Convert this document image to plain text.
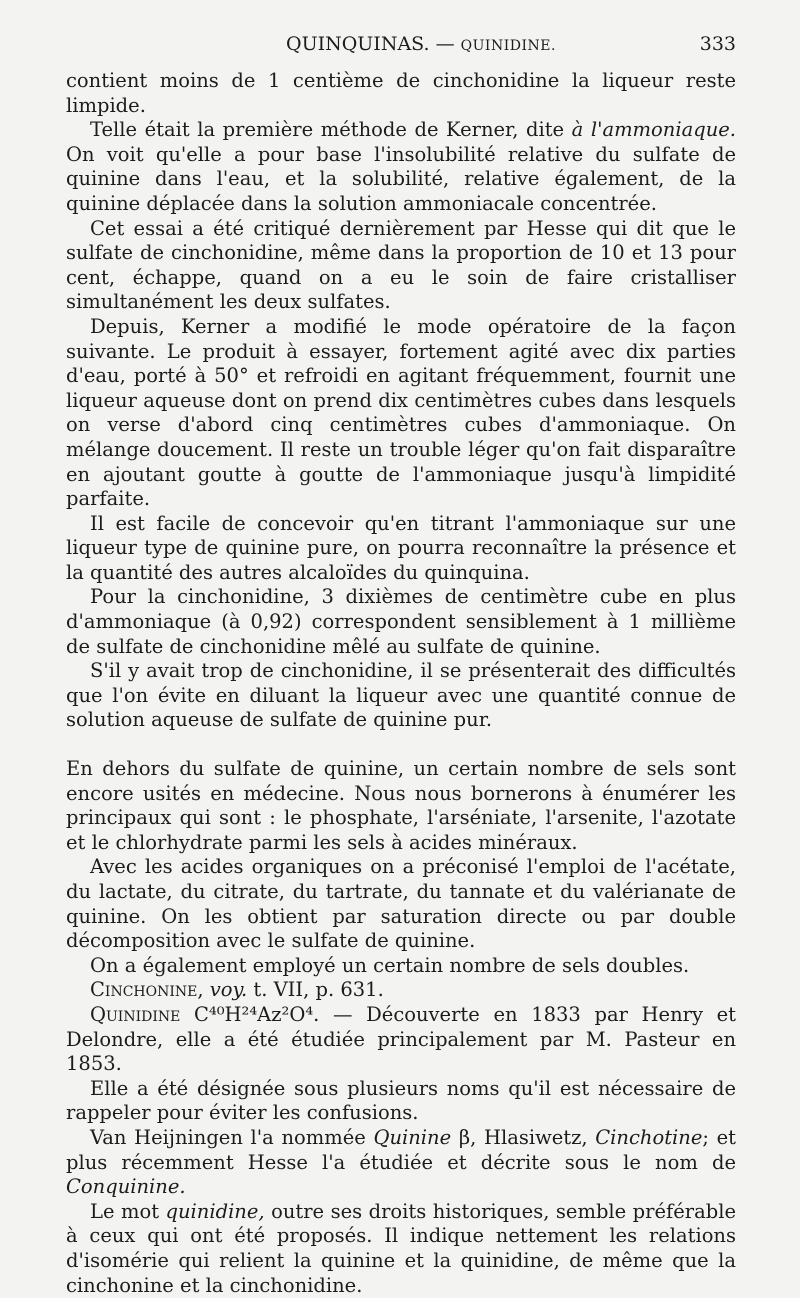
QUINQUINAS. — QUINIDINE.	333

contient moins de 1 centième de cinchonidine la liqueur reste limpide.

Telle était la première méthode de Kerner, dite à l'ammoniaque. On voit qu'elle a pour base l'insolubilité relative du sulfate de quinine dans l'eau, et la solubilité, relative également, de la quinine déplacée dans la solution ammoniacale concentrée.

Cet essai a été critiqué dernièrement par Hesse qui dit que le sulfate de cinchonidine, même dans la proportion de 10 et 13 pour cent, échappe, quand on a eu le soin de faire cristalliser simultanément les deux sulfates.

Depuis, Kerner a modifié le mode opératoire de la façon suivante. Le produit à essayer, fortement agité avec dix parties d'eau, porté à 50° et refroidi en agitant fréquemment, fournit une liqueur aqueuse dont on prend dix centimètres cubes dans lesquels on verse d'abord cinq centimètres cubes d'ammoniaque. On mélange doucement. Il reste un trouble léger qu'on fait disparaître en ajoutant goutte à goutte de l'ammoniaque jusqu'à limpidité parfaite.

Il est facile de concevoir qu'en titrant l'ammoniaque sur une liqueur type de quinine pure, on pourra reconnaître la présence et la quantité des autres alcaloïdes du quinquina.

Pour la cinchonidine, 3 dixièmes de centimètre cube en plus d'ammoniaque (à 0,92) correspondent sensiblement à 1 millième de sulfate de cinchonidine mêlé au sulfate de quinine.

S'il y avait trop de cinchonidine, il se présenterait des difficultés que l'on évite en diluant la liqueur avec une quantité connue de solution aqueuse de sulfate de quinine pur.

En dehors du sulfate de quinine, un certain nombre de sels sont encore usités en médecine. Nous nous bornerons à énumérer les principaux qui sont : le phosphate, l'arséniate, l'arsenite, l'azotate et le chlorhydrate parmi les sels à acides minéraux.

Avec les acides organiques on a préconisé l'emploi de l'acétate, du lactate, du citrate, du tartrate, du tannate et du valérianate de quinine. On les obtient par saturation directe ou par double décomposition avec le sulfate de quinine.

On a également employé un certain nombre de sels doubles.

Cinchonine, voy. t. VII, p. 631.

Quinidine C⁴⁰H²⁴Az²O⁴. — Découverte en 1833 par Henry et Delondre, elle a été étudiée principalement par M. Pasteur en 1853.

Elle a été désignée sous plusieurs noms qu'il est nécessaire de rappeler pour éviter les confusions.

Van Heijningen l'a nommée Quinine β, Hlasiwetz, Cinchotine; et plus récemment Hesse l'a étudiée et décrite sous le nom de Conquinine.

Le mot quinidine, outre ses droits historiques, semble préférable à ceux qui ont été proposés. Il indique nettement les relations d'isomérie qui relient la quinine et la quinidine, de même que la cinchonine et la cinchonidine.
